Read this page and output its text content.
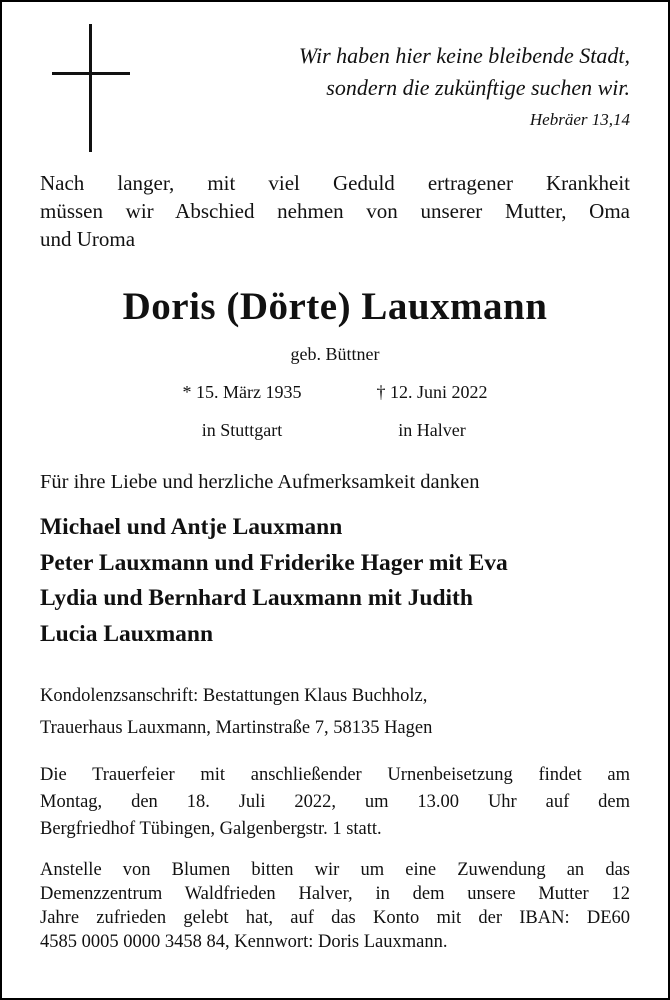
Wir haben hier keine bleibende Stadt,
sondern die zukünftige suchen wir.
Hebräer 13,14
Nach langer, mit viel Geduld ertragener Krankheit
müssen wir Abschied nehmen von unserer Mutter, Oma
und Uroma
Doris (Dörte) Lauxmann
geb. Büttner
* 15. März 1935
in Stuttgart
† 12. Juni 2022
in Halver
Für ihre Liebe und herzliche Aufmerksamkeit danken
Michael und Antje Lauxmann
Peter Lauxmann und Friderike Hager mit Eva
Lydia und Bernhard Lauxmann mit Judith
Lucia Lauxmann
Kondolenzsanschrift: Bestattungen Klaus Buchholz,
Trauerhaus Lauxmann, Martinstraße 7, 58135 Hagen
Die Trauerfeier mit anschließender Urnenbeisetzung findet am
Montag, den 18. Juli 2022, um 13.00 Uhr auf dem
Bergfriedhof Tübingen, Galgenbergstr. 1 statt.
Anstelle von Blumen bitten wir um eine Zuwendung an das
Demenzzentrum Waldfrieden Halver, in dem unsere Mutter 12
Jahre zufrieden gelebt hat, auf das Konto mit der IBAN: DE60
4585 0005 0000 3458 84, Kennwort: Doris Lauxmann.
